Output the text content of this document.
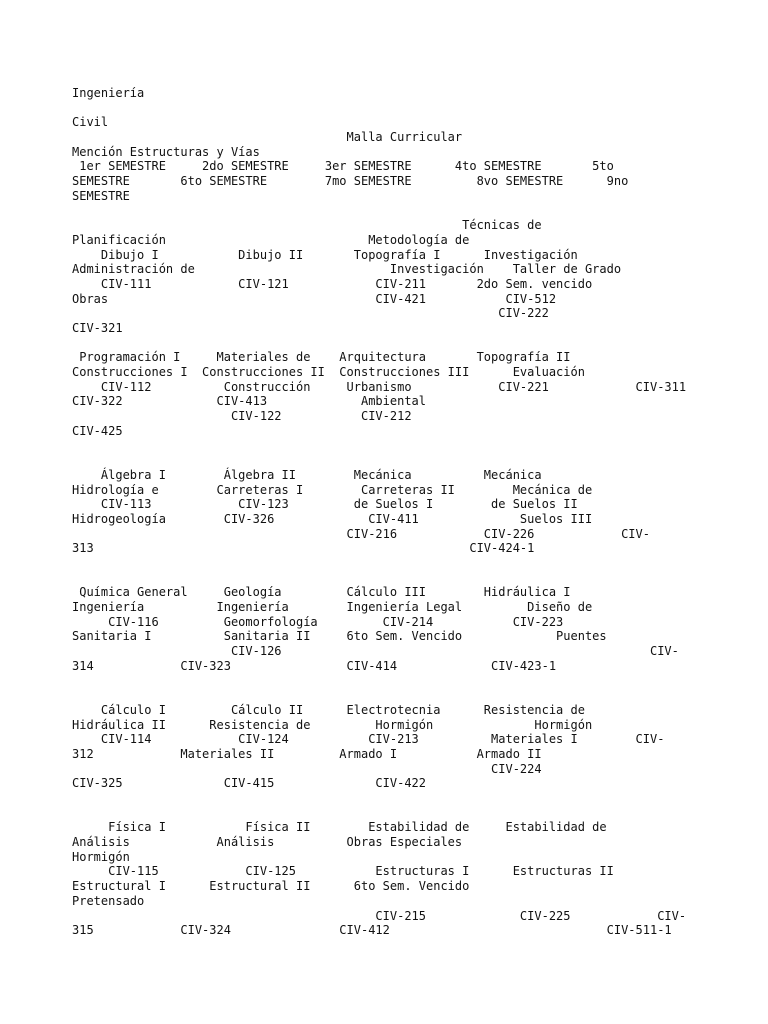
Ingeniería
Civil
Malla Curricular
Mención Estructuras y Vías
1er SEMESTRE     2do SEMESTRE     3er SEMESTRE      4to SEMESTRE       5to
SEMESTRE       6to SEMESTRE        7mo SEMESTRE         8vo SEMESTRE      9no
SEMESTRE
Técnicas de
Planificación                            Metodología de
Dibujo I           Dibujo II       Topografía I      Investigación
Administración de                           Investigación    Taller de Grado
CIV-111            CIV-121            CIV-211       2do Sem. vencido
Obras                                     CIV-421           CIV-512
CIV-222
CIV-321
Programación I     Materiales de    Arquitectura       Topografía II
Construcciones I  Construcciones II  Construcciones III      Evaluación
CIV-112          Construcción     Urbanismo            CIV-221            CIV-311
CIV-322             CIV-413             Ambiental
CIV-122           CIV-212
CIV-425
Álgebra I        Álgebra II        Mecánica          Mecánica
Hidrología e        Carreteras I        Carreteras II        Mecánica de
CIV-113            CIV-123         de Suelos I        de Suelos II
Hidrogeología        CIV-326             CIV-411              Suelos III
CIV-216            CIV-226            CIV-
313                                                    CIV-424-1
Química General     Geología         Cálculo III        Hidráulica I
Ingeniería          Ingeniería        Ingeniería Legal         Diseño de
CIV-116         Geomorfología         CIV-214           CIV-223
Sanitaria I          Sanitaria II     6to Sem. Vencido             Puentes
CIV-126                                                   CIV-
314            CIV-323                CIV-414             CIV-423-1
Cálculo I         Cálculo II      Electrotecnia      Resistencia de
Hidráulica II      Resistencia de         Hormigón              Hormigón
CIV-114            CIV-124           CIV-213          Materiales I        CIV-
312            Materiales II         Armado I           Armado II
CIV-224
CIV-325              CIV-415              CIV-422
Física I           Física II        Estabilidad de     Estabilidad de
Análisis            Análisis          Obras Especiales
Hormigón
CIV-115            CIV-125           Estructuras I      Estructuras II
Estructural I      Estructural II      6to Sem. Vencido
Pretensado
CIV-215             CIV-225            CIV-
315            CIV-324               CIV-412                              CIV-511-1
